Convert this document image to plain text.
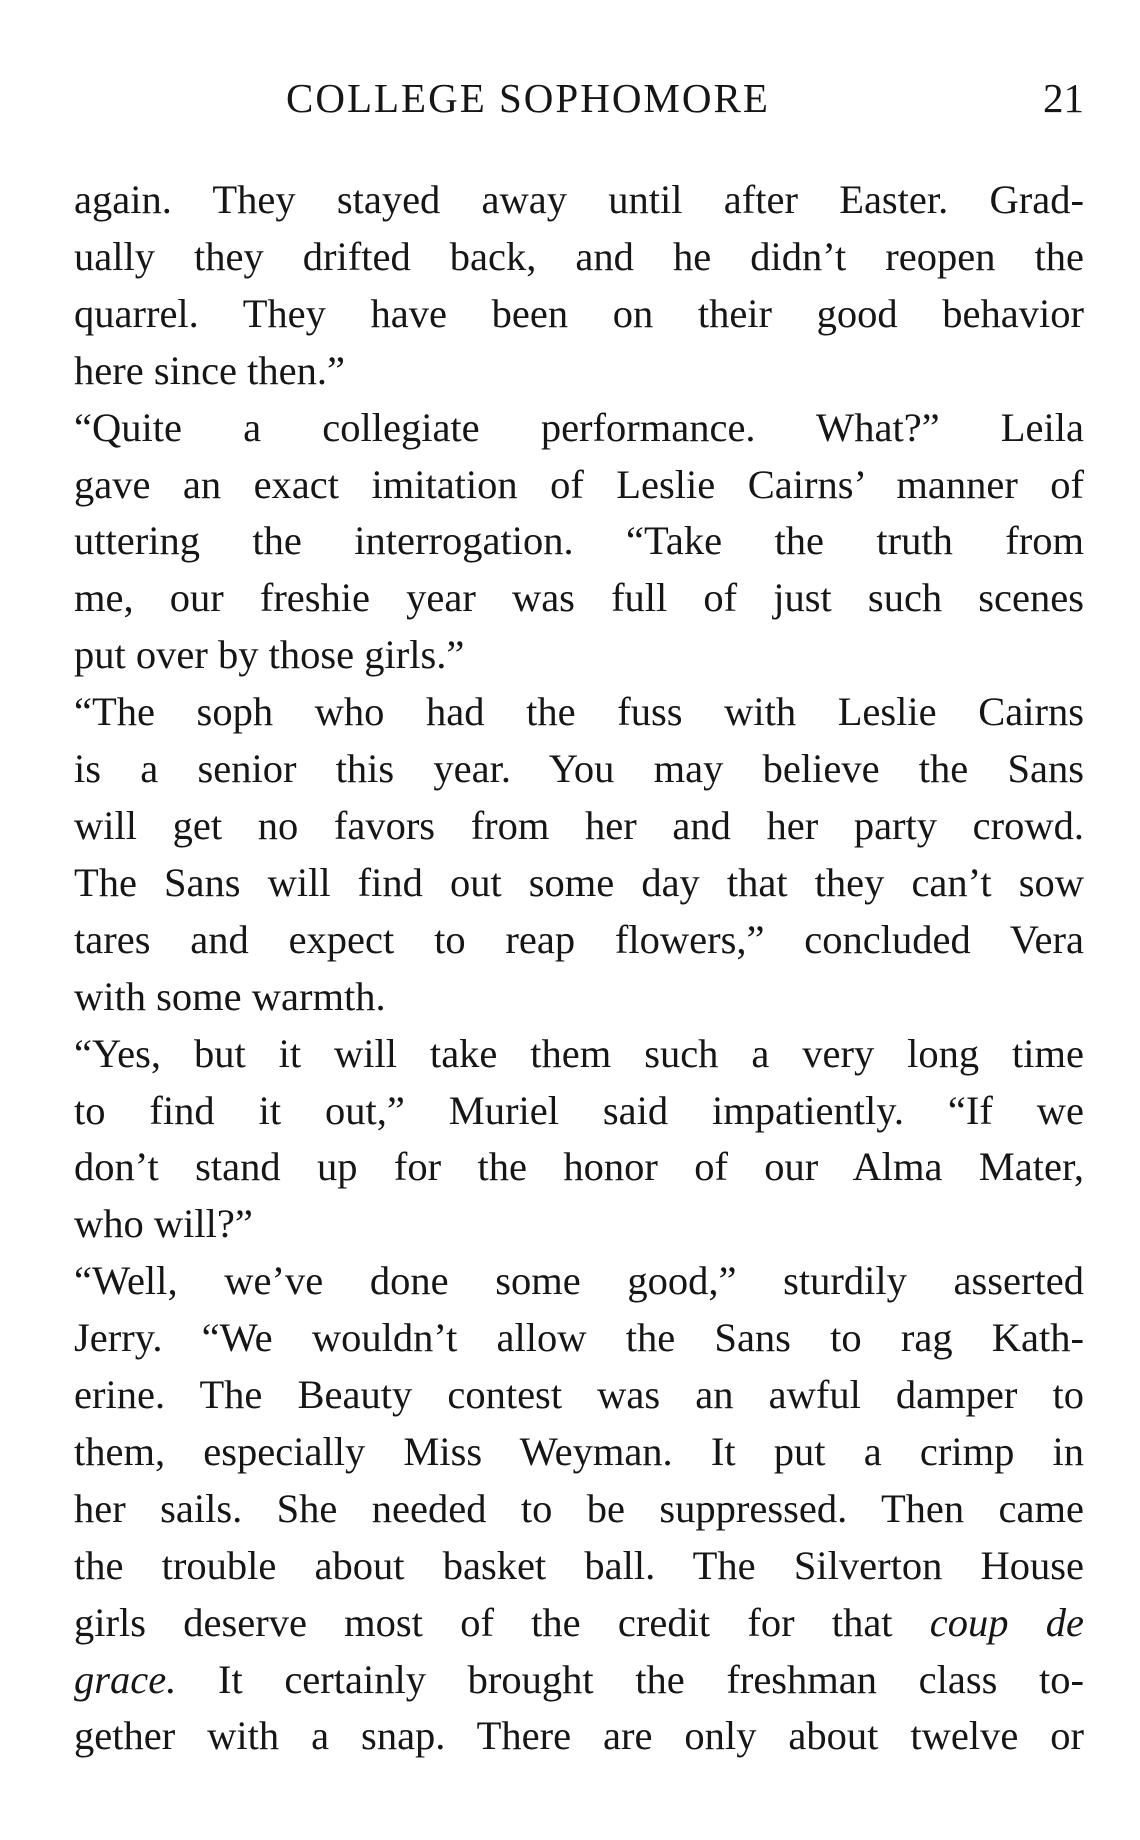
COLLEGE SOPHOMORE	21

again. They stayed away until after Easter. Grad-
ually they drifted back, and he didn’t reopen the
quarrel. They have been on their good behavior
here since then.”

“Quite a collegiate performance. What?” Leila
gave an exact imitation of Leslie Cairns’ manner of
uttering the interrogation. “Take the truth from
me, our freshie year was full of just such scenes
put over by those girls.”

“The soph who had the fuss with Leslie Cairns
is a senior this year. You may believe the Sans
will get no favors from her and her party crowd.
The Sans will find out some day that they can’t sow
tares and expect to reap flowers,” concluded Vera
with some warmth.

“Yes, but it will take them such a very long time
to find it out,” Muriel said impatiently. “If we
don’t stand up for the honor of our Alma Mater,
who will?”

“Well, we’ve done some good,” sturdily asserted
Jerry. “We wouldn’t allow the Sans to rag Kath-
erine. The Beauty contest was an awful damper to
them, especially Miss Weyman. It put a crimp in
her sails. She needed to be suppressed. Then came
the trouble about basket ball. The Silverton House
girls deserve most of the credit for that coup de
grace. It certainly brought the freshman class to-
gether with a snap. There are only about twelve or
